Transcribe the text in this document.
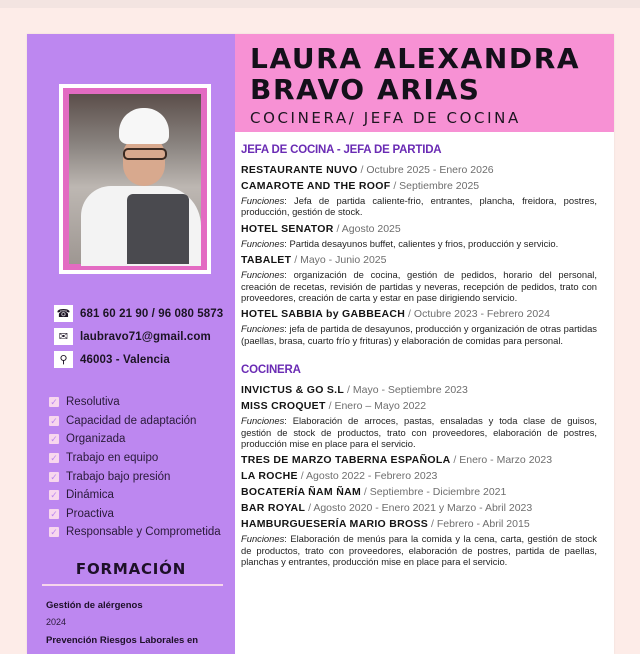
☎ 681 60 21 90 / 96 080 5873
✉	laubravo71@gmail.com
⚲	46003 - Valencia
✓ Resolutiva
✓ Capacidad de adaptación
✓ Organizada
✓ Trabajo en equipo
✓ Trabajo bajo presión
✓ Dinámica
✓ Proactiva
✓ Responsable y Comprometida
FORMACIÓN
Gestión de alérgenos
2024
Prevención Riesgos Laborales en
LAURA ALEXANDRA
BRAVO ARIAS
COCINERA/ JEFA DE COCINA
JEFA DE COCINA - JEFA DE PARTIDA
RESTAURANTE NUVO / Octubre 2025 - Enero 2026
CAMAROTE AND THE ROOF / Septiembre 2025
Funciones: Jefa de partida caliente-frio, entrantes, plancha, freidora, postres, producción, gestión de stock.
HOTEL SENATOR / Agosto 2025
Funciones: Partida desayunos buffet, calientes y frios, producción y servicio.
TABALET / Mayo - Junio 2025
Funciones: organización de cocina, gestión de pedidos, horario del personal, creación de recetas, revisión de partidas y neveras, recepción de pedidos, trato con proveedores, creación de carta y estar en pase dirigiendo servicio.
HOTEL SABBIA by GABBEACH / Octubre 2023 - Febrero 2024
Funciones: jefa de partida de desayunos, producción y organización de otras partidas (paellas, brasa, cuarto frío y frituras) y elaboración de comidas para personal.
COCINERA
INVICTUS & GO S.L / Mayo - Septiembre 2023
MISS CROQUET / Enero – Mayo 2022
Funciones: Elaboración de arroces, pastas, ensaladas y toda clase de guisos, gestión de stock de productos, trato con proveedores, elaboración de postres, producción mise en place para el servicio.
TRES DE MARZO TABERNA ESPAÑOLA / Enero - Marzo 2023
LA ROCHE / Agosto 2022 - Febrero 2023
BOCATERÍA ÑAM ÑAM / Septiembre - Diciembre 2021
BAR ROYAL / Agosto 2020 - Enero 2021 y Marzo - Abril 2023
HAMBURGUESERÍA MARIO BROSS / Febrero - Abril 2015
Funciones: Elaboración de menús para la comida y la cena, carta, gestión de stock de productos, trato con proveedores, elaboración de postres, partida de paellas, planchas y entrantes, producción mise en place para el servicio.
